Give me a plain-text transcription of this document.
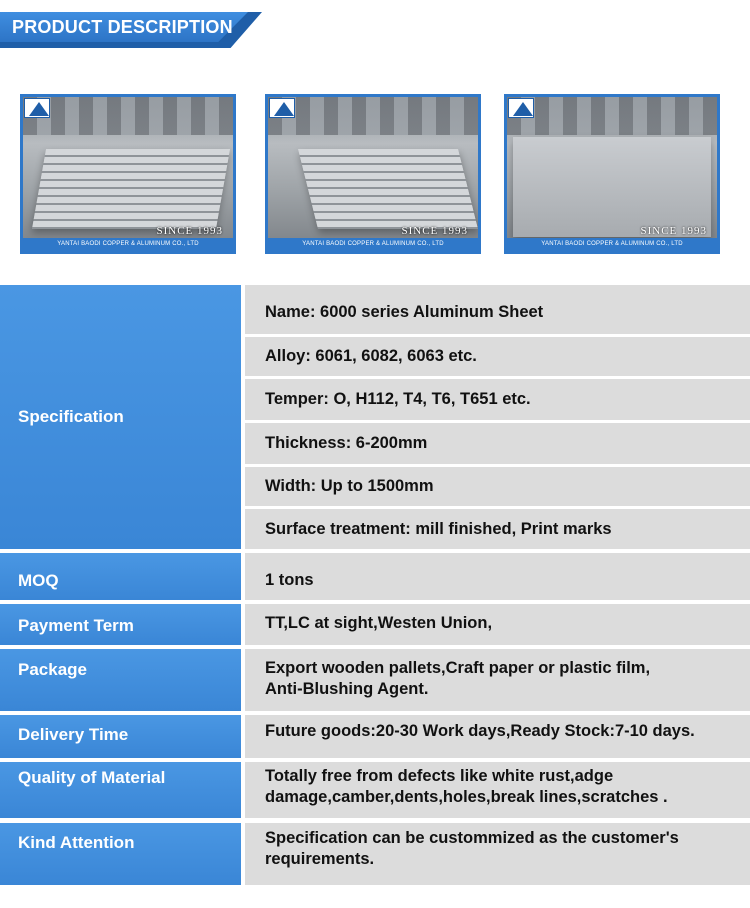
PRODUCT DESCRIPTION
SINCE 1993
YANTAI BAODI COPPER & ALUMINUM CO., LTD
SINCE 1993
YANTAI BAODI COPPER & ALUMINUM CO., LTD
SINCE 1993
YANTAI BAODI COPPER & ALUMINUM CO., LTD
Specification
Name: 6000 series Aluminum Sheet
Alloy: 6061, 6082, 6063 etc.
Temper: O, H112, T4, T6, T651 etc.
Thickness: 6-200mm
Width: Up to 1500mm
Surface treatment: mill finished, Print marks
MOQ	1 tons
Payment Term	TT,LC at sight,Westen Union,
Package	Export wooden pallets,Craft paper or plastic film,
Anti-Blushing Agent.
Delivery Time	Future goods:20-30 Work days,Ready Stock:7-10 days.
Quality of Material	Totally free from defects like white rust,adge
damage,camber,dents,holes,break lines,scratches .
Kind Attention	Specification can be custommized as the customer's
requirements.
